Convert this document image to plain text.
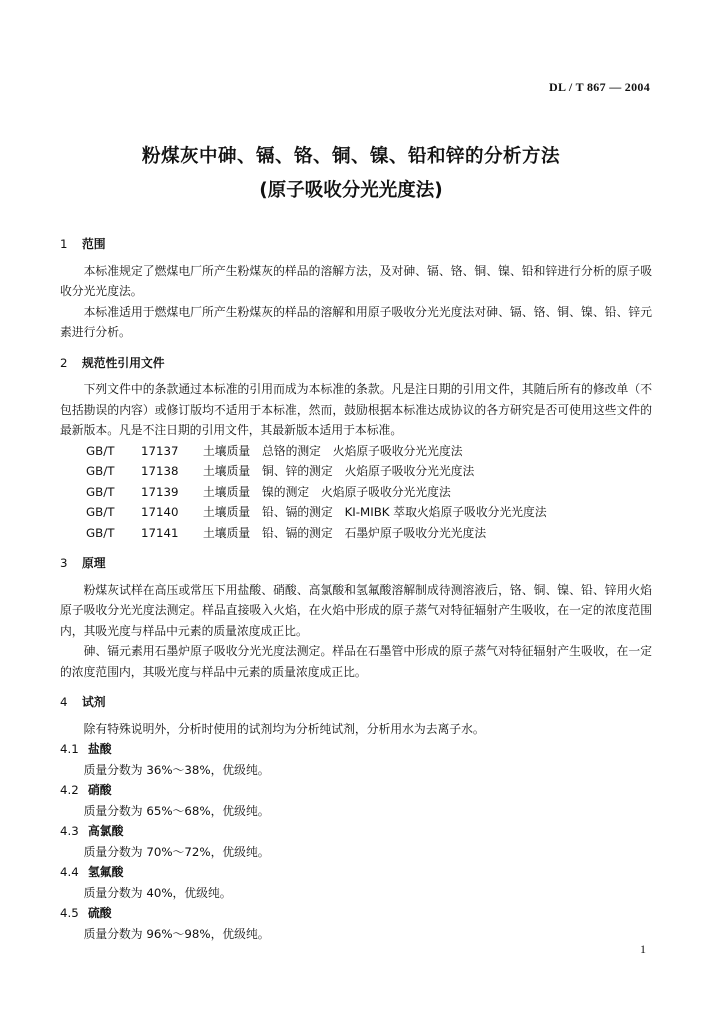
DL / T 867 — 2004
粉煤灰中砷、镉、铬、铜、镍、铅和锌的分析方法
(原子吸收分光光度法)
1 范围

本标准规定了燃煤电厂所产生粉煤灰的样品的溶解方法，及对砷、镉、铬、铜、镍、铅和锌进行分析的原子吸收分光光度法。

本标准适用于燃煤电厂所产生粉煤灰的样品的溶解和用原子吸收分光光度法对砷、镉、铬、铜、镍、铅、锌元素进行分析。

2 规范性引用文件

下列文件中的条款通过本标准的引用而成为本标准的条款。凡是注日期的引用文件，其随后所有的修改单（不包括勘误的内容）或修订版均不适用于本标准，然而，鼓励根据本标准达成协议的各方研究是否可使用这些文件的最新版本。凡是不注日期的引用文件，其最新版本适用于本标准。

GB/T 17137 土壤质量　总铬的测定　火焰原子吸收分光光度法

GB/T 17138 土壤质量　铜、锌的测定　火焰原子吸收分光光度法

GB/T 17139 土壤质量　镍的测定　火焰原子吸收分光光度法

GB/T 17140 土壤质量　铅、镉的测定　KI-MIBK 萃取火焰原子吸收分光光度法

GB/T 17141 土壤质量　铅、镉的测定　石墨炉原子吸收分光光度法

3 原理

粉煤灰试样在高压或常压下用盐酸、硝酸、高氯酸和氢氟酸溶解制成待测溶液后，铬、铜、镍、铅、锌用火焰原子吸收分光光度法测定。样品直接吸入火焰，在火焰中形成的原子蒸气对特征辐射产生吸收，在一定的浓度范围内，其吸光度与样品中元素的质量浓度成正比。

砷、镉元素用石墨炉原子吸收分光光度法测定。样品在石墨管中形成的原子蒸气对特征辐射产生吸收，在一定的浓度范围内，其吸光度与样品中元素的质量浓度成正比。

4 试剂

除有特殊说明外，分析时使用的试剂均为分析纯试剂，分析用水为去离子水。

4.1 盐酸

质量分数为 36%～38%，优级纯。

4.2 硝酸

质量分数为 65%～68%，优级纯。

4.3 高氯酸

质量分数为 70%～72%，优级纯。

4.4 氢氟酸

质量分数为 40%，优级纯。

4.5 硫酸

质量分数为 96%～98%，优级纯。

1
